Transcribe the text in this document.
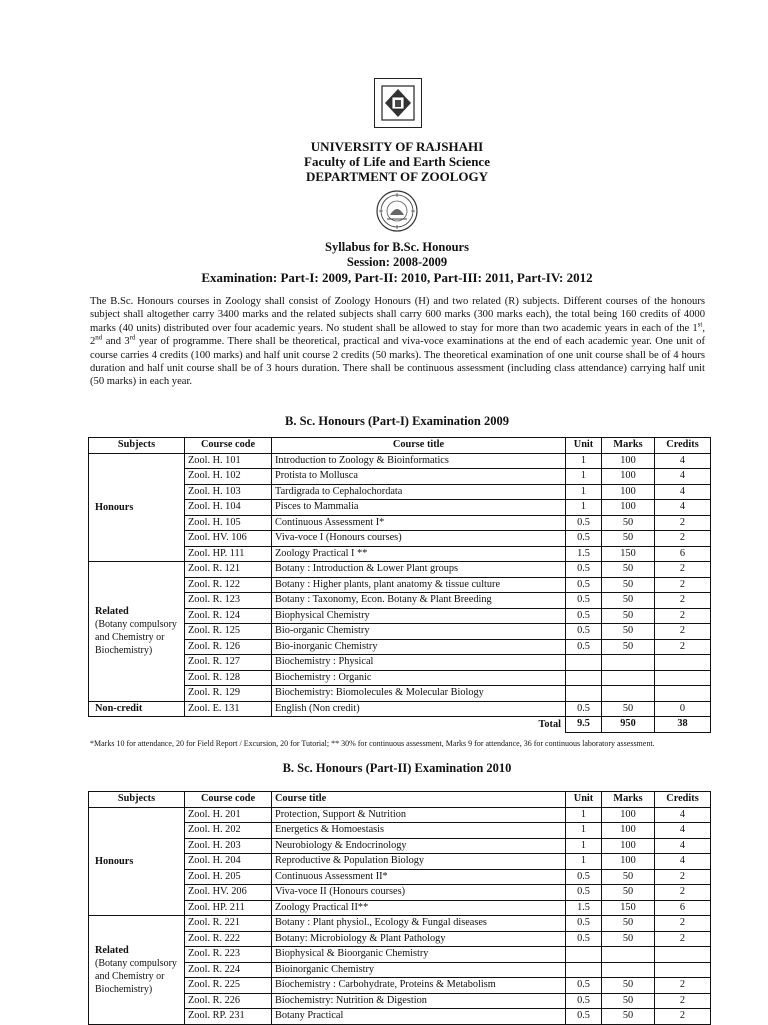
UNIVERSITY OF RAJSHAHI
Faculty of Life and Earth Science
DEPARTMENT OF ZOOLOGY
Syllabus for B.Sc. Honours
Session: 2008-2009
Examination: Part-I: 2009, Part-II: 2010, Part-III: 2011, Part-IV: 2012
The B.Sc. Honours courses in Zoology shall consist of Zoology Honours (H) and two related (R) subjects. Different courses of the honours subject shall altogether carry 3400 marks and the related subjects shall carry 600 marks (300 marks each), the total being 160 credits of 4000 marks (40 units) distributed over four academic years. No student shall be allowed to stay for more than two academic years in each of the 1st, 2nd and 3rd year of programme. There shall be theoretical, practical and viva-voce examinations at the end of each academic year. One unit of course carries 4 credits (100 marks) and half unit course 2 credits (50 marks). The theoretical examination of one unit course shall be of 4 hours duration and half unit course shall be of 3 hours duration. There shall be continuous assessment (including class attendance) carrying half unit (50 marks) in each year.
B. Sc. Honours (Part-I) Examination 2009
Subjects	Course code	Course title	Unit	Marks	Credits
Honours	Zool. H. 101	Introduction to Zoology & Bioinformatics	1	100	4
	Zool. H. 102	Protista to Mollusca	1	100	4
	Zool. H. 103	Tardigrada to Cephalochordata	1	100	4
	Zool. H. 104	Pisces to Mammalia	1	100	4
	Zool. H. 105	Continuous Assessment I*	0.5	50	2
	Zool. HV. 106	Viva-voce I (Honours courses)	0.5	50	2
	Zool. HP. 111	Zoology Practical I **	1.5	150	6
Related
(Botany compulsory and Chemistry or Biochemistry)	Zool. R. 121	Botany : Introduction & Lower Plant groups	0.5	50	2
	Zool. R. 122	Botany : Higher plants, plant anatomy & tissue culture	0.5	50	2
	Zool. R. 123	Botany : Taxonomy, Econ. Botany & Plant Breeding	0.5	50	2
	Zool. R. 124	Biophysical Chemistry	0.5	50	2
	Zool. R. 125	Bio-organic Chemistry	0.5	50	2
	Zool. R. 126	Bio-inorganic Chemistry	0.5	50	2
	Zool. R. 127	Biochemistry : Physical			
	Zool. R. 128	Biochemistry : Organic			
	Zool. R. 129	Biochemistry: Biomolecules & Molecular Biology			
Non-credit	Zool. E. 131	English (Non credit)	0.5	50	0
Total			9.5	950	38
*Marks 10 for attendance, 20 for Field Report / Excursion, 20 for Tutorial; ** 30% for continuous assessment, Marks 9 for attendance, 36 for continuous laboratory assessment.
B. Sc. Honours (Part-II) Examination 2010
Subjects	Course code	Course title	Unit	Marks	Credits
Honours	Zool. H. 201	Protection, Support & Nutrition	1	100	4
	Zool. H. 202	Energetics & Homoestasis	1	100	4
	Zool. H. 203	Neurobiology & Endocrinology	1	100	4
	Zool. H. 204	Reproductive & Population Biology	1	100	4
	Zool. H. 205	Continuous Assessment II*	0.5	50	2
	Zool. HV. 206	Viva-voce II (Honours courses)	0.5	50	2
	Zool. HP. 211	Zoology Practical II**	1.5	150	6
Related
(Botany compulsory and Chemistry or Biochemistry)	Zool. R. 221	Botany : Plant physiol., Ecology & Fungal diseases	0.5	50	2
	Zool. R. 222	Botany: Microbiology & Plant Pathology	0.5	50	2
	Zool. R. 223	Biophysical & Bioorganic Chemistry			
	Zool. R. 224	Bioinorganic Chemistry			
	Zool. R. 225	Biochemistry : Carbohydrate, Proteins & Metabolism	0.5	50	2
	Zool. R. 226	Biochemistry: Nutrition & Digestion	0.5	50	2
	Zool. RP. 231	Botany Practical	0.5	50	2
